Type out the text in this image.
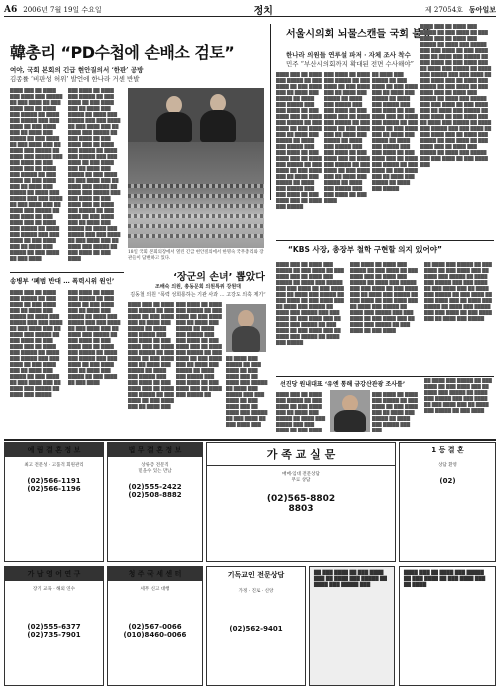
A6 2006년 7월 19일 수요일	정치	제 27054호 동아일보
韓총리 “PD수첩에 손배소 검토”
여야, 국회 본회의 긴급 현안질의서 ‘한판’ 공방
김종률 ‘비판성 허위’ 발언에 한나라 거센 반발

████ ███ ██ ████ ███ ████ ███ █████ ██ ███ ████ ██ ███ ████ ███ ██ ████ ███ █████ ██ ████ ███ █████ ███ ███ ████ ██ ███ ████ ███ ██ ████ ███ █████ ██ ███ ████ ██ ███ ████ ███ ██ ████ ███ █████ ██ ████ ███ █████ ███ ███ ████ ██ ███ ████ ███ ██ ████ ███ █████ ██ ███ ████ ██ ███ ████ ███ ██ ████ ███ █████ ██ ████ ███ █████ ███ ███ ████ ██ ███ ████ ███ ██ ████ ███ █████ ██ ███ ████ ██ ███ ████ ███ ██ ████ ███ █████ ██ ████ ███ █████ ███ ███ ████ ██ ███ ████ ███ ██ ████ ███ █████ ██ ███ ████ ██ ███ ████

███ ████ ██ ████ ███ █████ ██ ███ ████ ██ ███ ████ ███ ██ ████ ███ █████ ██ ████ ███ █████ ███ ███ ████ ██ ███ ████ ███ ██ ████ ███ █████ ██ ███ ████ ██ ███ ████ ███ ██ ████ ███ █████ ██ ████ ███ █████ ███ ███ ████ ██ ███ ████ ███ ██ ████ ███ █████ ██ ███ ████ ██ ███ ████ ███ ██ ████ ███ █████ ██ ████ ███ █████ ███ ███ ████ ██ ███ ████ ███ ██ ████ ███ █████ ██ ███ ████ ██ ███ ████ ███ ██ ████ ███ █████ ██ ████ ███ █████ ███ ███ ████ ██ ███ ████ ███ ██ ████ ███ █████ ██ ███ ████ ██ ███ ████

18일 국회 본회의장에서 열린 긴급 현안질의에서 한명숙 국무총리와 장관들이 답변하고 있다.
서울시의회 뇌물스캔들 국회 불똥
한나라 의원들 연루설 파저 · 자체 조사 착수
민주 “부산시의회까지 확대된 전면 수사해야”

████ ███ ██ ████ ███ █████ ██ ███ ████ ██ ███ ████ ███ ██ ████ ███ █████ ██ ████ ███ █████ ███ ███ ████ ██ ███ ████ ███ ██ ████ ███ █████ ██ ███ ████ ██ ███ ████ ███ ██ ████ ███ █████ ██ ████ ███ █████ ███ ███ ████ ██ ███ ████ ███ ██ ████ ███ █████ ██ ███ ████ ██ ███ ████ ███ ██ ████ ███ █████ ██ ████ ███ █████ ███ ███ ████ ██ ███ ████ ███ ██ ████ ███ █████

███ ████ ██ ████ ███ █████ ██ ███ ████ ██ ███ ████ ███ ██ ████ ███ █████ ██ ████ ███ █████ ███ ███ ████ ██ ███ ████ ███ ██ ████ ███ █████ ██ ███ ████ ██ ███ ████ ███ ██ ████ ███ █████ ██ ████ ███ █████ ███ ███ ████ ██ ███ ████ ███ ██ ████ ███ █████ ██ ███ ████ ██ ███ ████ ███ ██ ████ ███ █████ ██ ████ ███ █████ ███ ███ ████ ██ ███ ████

██ ████ ███ █████ ██ ███ ████ ██ ███ ████ ███ ██ ████ ███ █████ ██ ████ ███ █████ ███ ███ ████ ██ ███ ████ ███ ██ ████ ███ █████ ██ ███ ████ ██ ███ ████ ███ ██ ████ ███ █████ ██ ████ ███ █████ ███ ███ ████ ██ ███ ████ ███ ██ ████ ███ █████ ██ ███ ████ ██ ███ ████ ███ ██ ████ ███ █████ ██ ████ ███ █████

████ ███ ██ ████ ███ █████ ██ ███ ████ ██ ███ ████ ███ ██ ████ ███ █████ ██ ████ ███ █████ ███ ███ ████ ██ ███ ████ ███ ██ ████ ███ █████ ██ ███ ████ ██ ███ ████ ███ ██ ████ ███ █████ ██ ████ ███ █████ ███ ███ ████ ██ ███ ████ ███ ██ ████ ███ █████ ██ ███ ████ ██ ███ ████ ███ ██ ████ ███ █████ ██ ████ ███ █████ ███ ███ ████ ██ ███ ████ ███ ██ ████ ███ █████ ██ ███ ████ ██ ███ ████ ███ ██ ████ ███ █████ ██ ████ ███ █████ ███ ███ ████ ██ ███ ████ ███ ██ ████ ███ █████ ██ ███ ████ ██ ███ ████ ███ ██ ████ ███ █████ ██ ████ ███ █████ ███ ███ ████ ██ ███ ████ ███

“KBS 사장, 총장부 철학 구현할 의지 있어야”

████ ███ ██ ████ ███ █████ ██ ███ ████ ██ ███ ████ ███ ██ ████ ███ █████ ██ ████ ███ █████ ███ ███ ████ ██ ███ ████ ███ ██ ████ ███ █████ ██ ███ ████ ██ ███ ████ ███ ██ ████ ███ █████ ██ ████ ███ █████ ███ ███ ████ ██ ███ ████ ███ ██ ████ ███ █████ ██ ███ ████ ██ ███ ████ ███ ██ ████ ███ █████ ██ ████ ███ █████

███ ████ ██ ████ ███ █████ ██ ███ ████ ██ ███ ████ ███ ██ ████ ███ █████ ██ ████ ███ █████ ███ ███ ████ ██ ███ ████ ███ ██ ████ ███ █████ ██ ███ ████ ██ ███ ████ ███ ██ ████ ███ █████ ██ ████ ███ █████ ███ ███ ████ ██ ███ ████ ███ ██ ████ ███ █████ ██ ███ ████ ██ ███ ████

██ ████ ███ █████ ██ ███ ████ ██ ███ ████ ███ ██ ████ ███ █████ ██ ████ ███ █████ ███ ███ ████ ██ ███ ████ ███ ██ ████ ███ █████ ██ ███ ████ ██ ███ ████ ███ ██ ████ ███ █████ ██ ████ ███ █████ ███ ███ ████ ██ ███ ████ ███ ██ ████ ███ █████

‘장군의 손녀’ 뽑았다
조배숙 의원, 총동문회 의원특위 강원대
김동철 의원 “폭력 성희롱하는 기관 사과 … 고강도 의혹 제기”

████ ███ ██ ████ ███ █████ ██ ███ ████ ██ ███ ████ ███ ██ ████ ███ █████ ██ ████ ███ █████ ███ ███ ████ ██ ███ ████ ███ ██ ████ ███ █████ ██ ███ ████ ██ ███ ████ ███ ██ ████ ███ █████ ██ ████ ███ █████ ███ ███ ████ ██ ███ ████ ███ ██ ████ ███ █████ ██ ███ ████ ██ ███ ████ ███ ██ ████ ███

███ ████ ██ ████ ███ █████ ██ ███ ████ ██ ███ ████ ███ ██ ████ ███ █████ ██ ████ ███ █████ ███ ███ ████ ██ ███ ████ ███ ██ ████ ███ █████ ██ ███ ████ ██ ███ ████ ███ ██ ████ ███ █████ ██ ████ ███ █████ ███ ███ ████ ██ ███ ████ ███ ██ ████ ███ █████ ██

██ ████ ███ █████ ██ ███ ████ ██ ███ ████ ███ ██ ████ ███ █████ ██ ████ ███ █████ ███ ███ ████ ██ ███ ████ ███ ██ ████ ███ █████ ██ ███ ████ ██ ███ ████ ███

송병부 ‘폐범 반대 … 폭력시위 원인’

████ ███ ██ ████ ███ █████ ██ ███ ████ ██ ███ ████ ███ ██ ████ ███ █████ ██ ████ ███ █████ ███ ███ ████ ██ ███ ████ ███ ██ ████ ███ █████ ██ ███ ████ ██ ███ ████ ███ ██ ████ ███ █████ ██ ████ ███ █████ ███ ███ ████ ██ ███ ████ ███ ██ ████ ███ █████ ██ ███ ████ ██ ███ ████ ███ ██ ████ ███ █████ ██ ████ ███ █████

███ ████ ██ ████ ███ █████ ██ ███ ████ ██ ███ ████ ███ ██ ████ ███ █████ ██ ████ ███ █████ ███ ███ ████ ██ ███ ████ ███ ██ ████ ███ █████ ██ ███ ████ ██ ███ ████ ███ ██ ████ ███ █████ ██ ████ ███ █████ ███ ███ ████ ██ ███ ████ ███ ██ ████ ███ █████ ██ ███ ████ ██ ███ ████	선진당 원내대표 ‘유엔 통해 금강산관광 조사를’

████ ███ ██ ████ ███ █████ ██ ███ ████ ██ ███ ████ ███ ██ ████ ███ █████ ██ ████ ███ █████ ███ ███ ████ ██ ███ ████

███ ████ ██ ████ ███ █████ ██ ███ ████ ██ ███ ████ ███ ██ ████ ███ █████ ██ ████ ███ █████ ███ ███

██ ████ ███ █████ ██ ███ ████ ██ ███ ████ ███ ██ ████ ███ █████ ██ ████ ███ █████ ███ ███ ████ ██ ███ ████ ███ ██ ████ ███ █████ ██ ███ ████

예 림 결 혼 정 보
최고 전문성 · 고품격 회원관리
(02)566-1191
(02)566-1196
법 무 결 혼 정 보
상류층 전문직
믿을수 있는 만남
(02)555-2422
(02)508-8882
가 족 교 실 문
매매·임대 전문상담
무료 상담
(02)565-8802
8803
1 등 결 혼
상담 환영
(02)
가 남 영 어 연 구
장기 교육 · 해외 연수
(02)555-6377
(02)735-7901
청 주 국 세 센 터
세무 신고 대행
(02)567-0066
(010)8460-0066
기독교인 전문상담
가정 · 진로 · 신앙
(02)562-9401
██ ███ ████ ██ ███ ████ ███ ██ ████ ███ █████ ██ ████ ███ █████ ███
████ ███ ██ ████ ███ █████ ██ ███ ████ ██ ███ ████ ███ ██ ████
